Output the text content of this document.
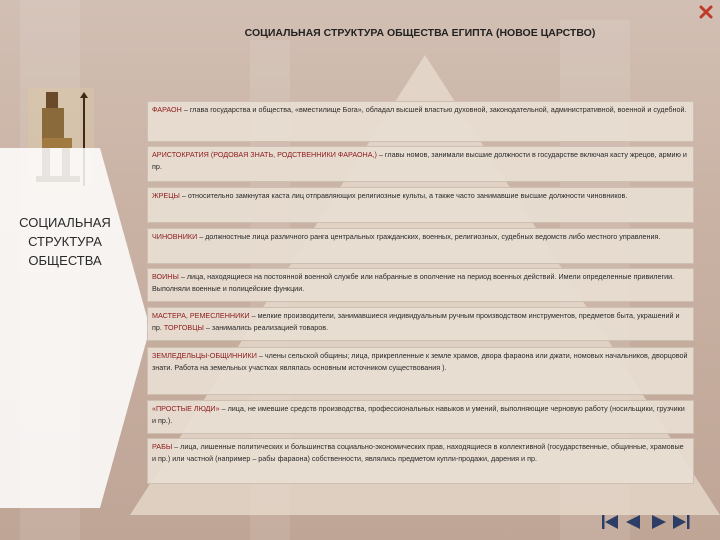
СОЦИАЛЬНАЯ СТРУКТУРА ОБЩЕСТВА ЕГИПТА (НОВОЕ ЦАРСТВО)
СОЦИАЛЬНАЯ
СТРУКТУРА
ОБЩЕСТВА
ФАРАОН – глава государства и общества, «вместилище Бога», обладал высшей властью духовной, законодательной, административной, военной и судебной.
АРИСТОКРАТИЯ (РОДОВАЯ ЗНАТЬ, РОДСТВЕННИКИ ФАРАОНА,) – главы номов, занимали высшие должности в государстве включая касту жрецов, армию и пр.
ЖРЕЦЫ – относительно замкнутая каста лиц отправляющих религиозные культы, а также часто занимавшие высшие должности чиновников.
ЧИНОВНИКИ – должностные лица различного ранга центральных гражданских, военных, религиозных, судебных ведомств либо местного управления.
ВОИНЫ – лица, находящиеся на постоянной военной службе или набранные в ополчение на период военных действий. Имели определенные привилегии. Выполняли военные и полицейские функции.
МАСТЕРА, РЕМЕСЛЕННИКИ – мелкие производители, занимавшиеся индивидуальным ручным производством инструментов, предметов быта, украшений и пр. ТОРГОВЦЫ – занимались реализацией товаров.
ЗЕМЛЕДЕЛЬЦЫ-ОБЩИННИКИ – члены сельской общины; лица, прикрепленные к земле храмов, двора фараона или джати, номовых начальников, дворцовой знати. Работа на земельных участках являлась основным источником существования ).
«ПРОСТЫЕ ЛЮДИ» – лица, не имевшие средств производства, профессиональных навыков и умений, выполняющие черновую работу (носильщики, грузчики и пр.).
РАБЫ – лица, лишенные политических и большинства социально-экономических прав, находящиеся в коллективной (государственные, общинные, храмовые и пр.) или частной (например – рабы фараона) собственности, являлись предметом купли-продажи, дарения и пр.
